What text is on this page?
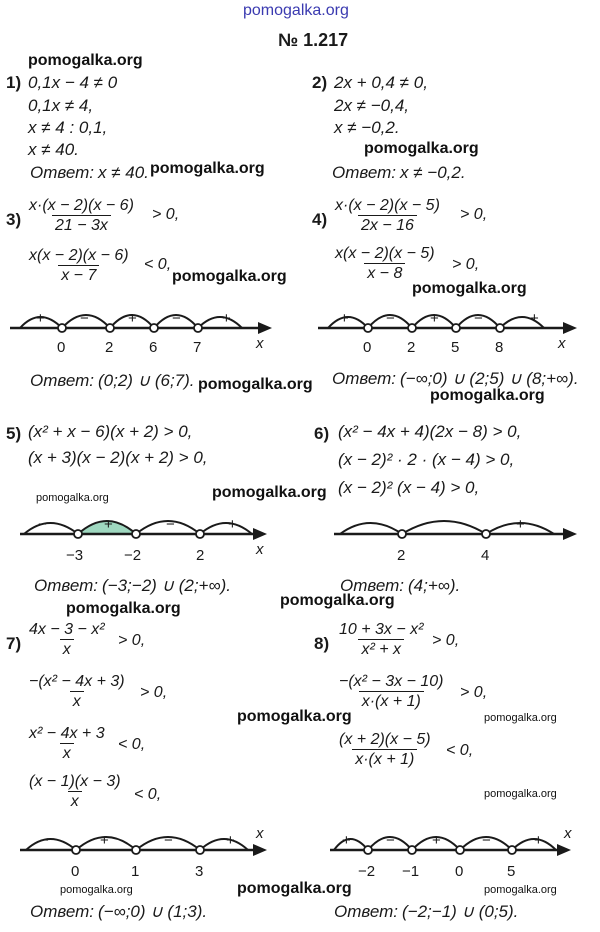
pomogalka.org
№ 1.217
pomogalka.org
pomogalka.org
pomogalka.org
pomogalka.org
pomogalka.org
pomogalka.org
pomogalka.org
pomogalka.org	pomogalka.org
pomogalka.org	pomogalka.org
pomogalka.org	pomogalka.org
pomogalka.org
pomogalka.org	pomogalka.org	pomogalka.org
1) 0,1x − 4 ≠ 0
0,1x ≠ 4,
x ≠ 4 : 0,1,
x ≠ 40.
Ответ: x ≠ 40.
2) 2x + 0,4 ≠ 0,
2x ≠ −0,4,
x ≠ −0,2.
Ответ: x ≠ −0,2.
$3) \frac{x\cdot(x - 2)(x - 6)}{21 - 3x} > 0$,
$\frac{x(x - 2)(x - 6)}{x - 7} < 0$,
+ −	+ −	+
0	2 6 7	x
Ответ: (0;2) ∪ (6;7).
$4) \frac{x\cdot(x - 2)(x - 5)}{2x - 16} > 0$,
$\frac{x(x - 2)(x - 5)}{x - 8} > 0$,
+ − + −	+
0 2 5 8	x
Ответ: (−∞;0) ∪ (2;5) ∪ (8;+∞).
5) (x² + x − 6)(x + 2) > 0,
(x + 3)(x − 2)(x + 2) > 0,
−	+	−	+
−3	−2	2	x
Ответ: (−3;−2) ∪ (2;+∞).
6) (x² − 4x + 4)(2x − 8) > 0,
(x − 2)² · 2 · (x − 4) > 0,
(x − 2)² (x − 4) > 0,
+
2	4
Ответ: (4;+∞).
$7) \frac{\text{4x − 3 − x²}}{x} > 0$,
$\frac{\text{−(x² − 4x + 3)}}{x} > 0$,
$\frac{\text{x² − 4x + 3}}{x} < 0$,
$\frac{(x - 1)(x - 3)}{x} < 0$,
−	+	−	+
0	1	3
x
Ответ: (−∞;0) ∪ (1;3).
$8) \frac{\text{10 + 3x − x²}}{\text{x² + x}} > 0$,
$\frac{\text{−(x² − 3x − 10)}}{x\cdot(x + 1)} > 0$,
$\frac{(x + 2)(x - 5)}{x\cdot(x + 1)} < 0$,
+ − +	−	+
−2 −1 0	5
x
Ответ: (−2;−1) ∪ (0;5).
